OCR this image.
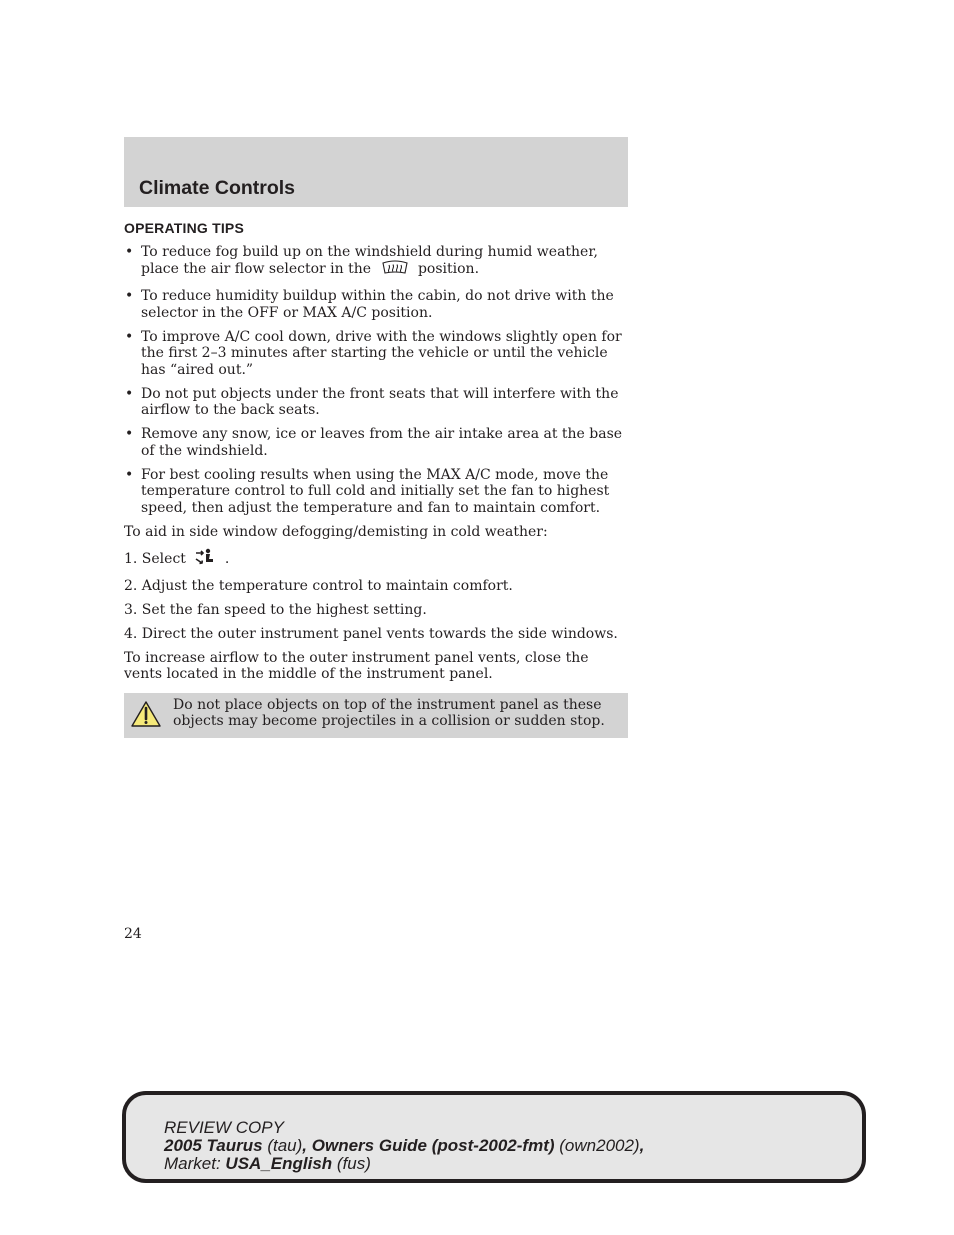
Climate Controls
OPERATING TIPS
• To reduce fog build up on the windshield during humid weather, place the air flow selector in the	position.
• To reduce humidity buildup within the cabin, do not drive with the selector in the OFF or MAX A/C position.
• To improve A/C cool down, drive with the windows slightly open for the first 2–3 minutes after starting the vehicle or until the vehicle has “aired out.”
• Do not put objects under the front seats that will interfere with the airflow to the back seats.
• Remove any snow, ice or leaves from the air intake area at the base of the windshield.
• For best cooling results when using the MAX A/C mode, move the temperature control to full cold and initially set the fan to highest speed, then adjust the temperature and fan to maintain comfort.

To aid in side window defogging/demisting in cold weather:

1. Select	.
2. Adjust the temperature control to maintain comfort.
3. Set the fan speed to the highest setting.
4. Direct the outer instrument panel vents towards the side windows.

To increase airflow to the outer instrument panel vents, close the vents located in the middle of the instrument panel.

Do not place objects on top of the instrument panel as these objects may become projectiles in a collision or sudden stop.
24
REVIEW COPY
2005 Taurus (tau), Owners Guide (post-2002-fmt) (own2002),
Market: USA_English (fus)
